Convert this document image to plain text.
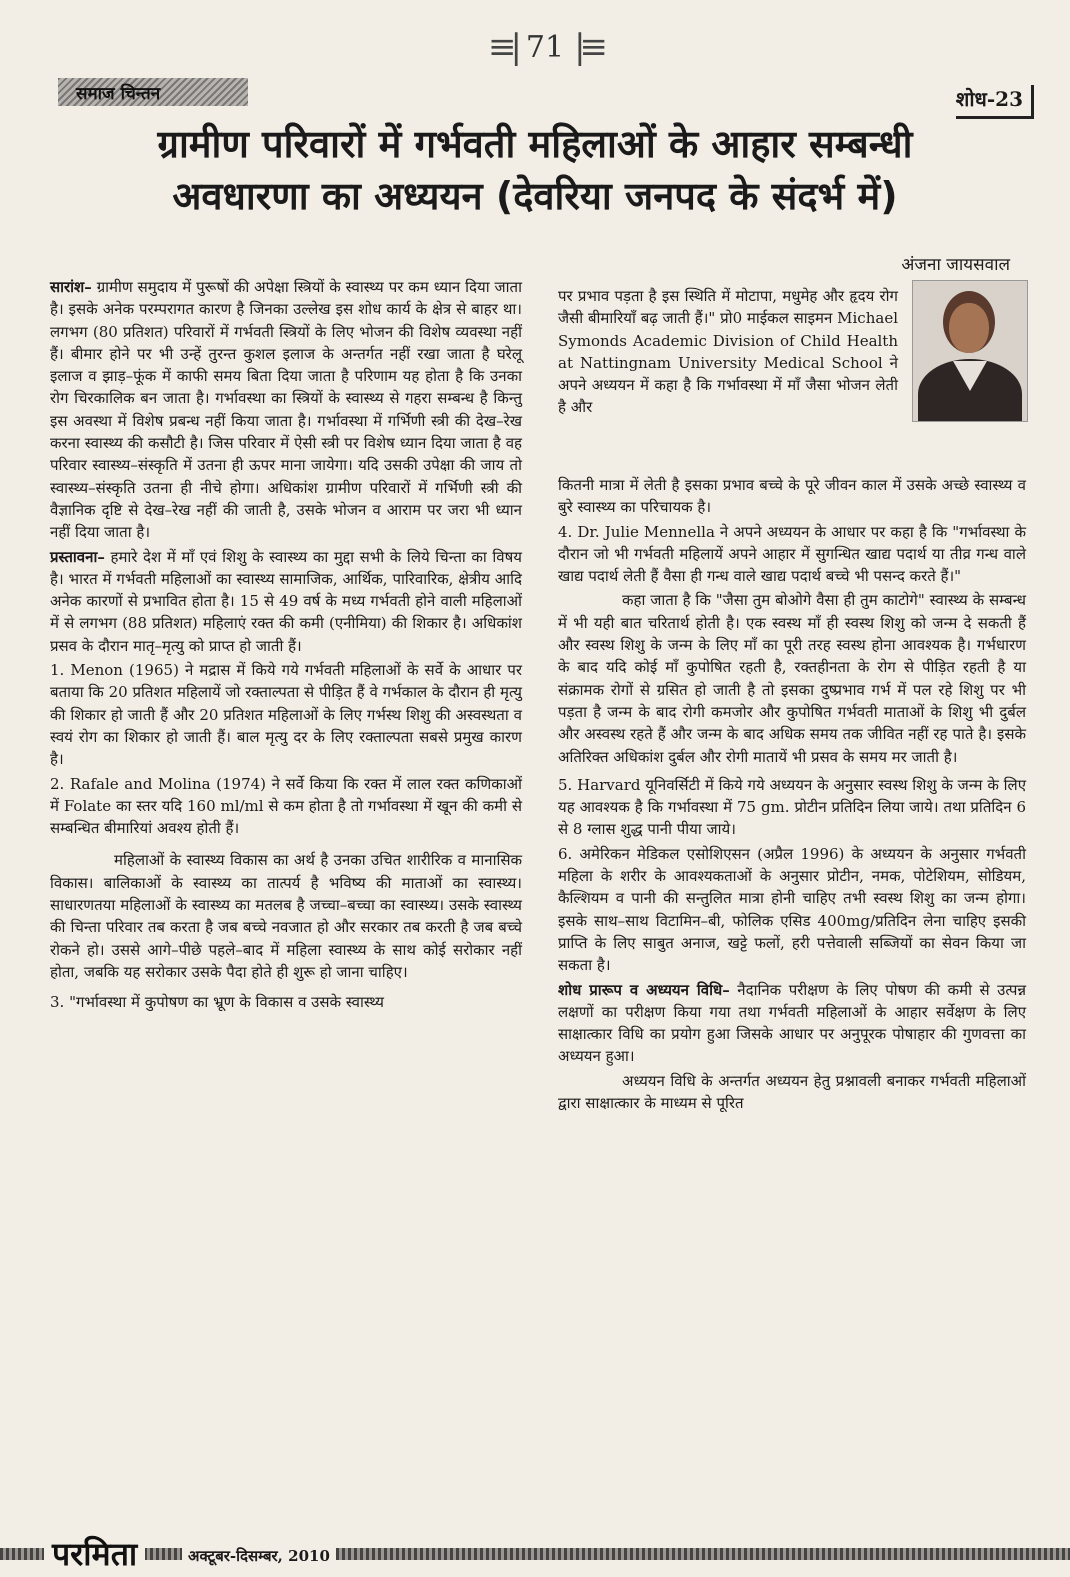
≡| 71 |≡
समाज चिन्तन	शोध-23
ग्रामीण परिवारों में गर्भवती महिलाओं के आहार सम्बन्धी
अवधारणा का अध्ययन (देवरिया जनपद के संदर्भ में)
अंजना जायसवाल

सारांश– ग्रामीण समुदाय में पुरूषों की अपेक्षा स्त्रियों के स्वास्थ्य पर कम ध्यान दिया जाता है। इसके अनेक परम्परागत कारण है जिनका उल्लेख इस शोध कार्य के क्षेत्र से बाहर था। लगभग (80 प्रतिशत) परिवारों में गर्भवती स्त्रियों के लिए भोजन की विशेष व्यवस्था नहीं हैं। बीमार होने पर भी उन्हें तुरन्त कुशल इलाज के अन्तर्गत नहीं रखा जाता है घरेलू इलाज व झाड़–फूंक में काफी समय बिता दिया जाता है परिणाम यह होता है कि उनका रोग चिरकालिक बन जाता है। गर्भावस्था का स्त्रियों के स्वास्थ्य से गहरा सम्बन्ध है किन्तु इस अवस्था में विशेष प्रबन्ध नहीं किया जाता है। गर्भावस्था में गर्भिणी स्त्री की देख–रेख करना स्वास्थ्य की कसौटी है। जिस परिवार में ऐसी स्त्री पर विशेष ध्यान दिया जाता है वह परिवार स्वास्थ्य–संस्कृति में उतना ही ऊपर माना जायेगा। यदि उसकी उपेक्षा की जाय तो स्वास्थ्य–संस्कृति उतना ही नीचे होगा। अधिकांश ग्रामीण परिवारों में गर्भिणी स्त्री की वैज्ञानिक दृष्टि से देख–रेख नहीं की जाती है, उसके भोजन व आराम पर जरा भी ध्यान नहीं दिया जाता है।

प्रस्तावना– हमारे देश में माँ एवं शिशु के स्वास्थ्य का मुद्दा सभी के लिये चिन्ता का विषय है। भारत में गर्भवती महिलाओं का स्वास्थ्य सामाजिक, आर्थिक, पारिवारिक, क्षेत्रीय आदि अनेक कारणों से प्रभावित होता है। 15 से 49 वर्ष के मध्य गर्भवती होने वाली महिलाओं में से लगभग (88 प्रतिशत) महिलाएं रक्त की कमी (एनीमिया) की शिकार है। अधिकांश प्रसव के दौरान मातृ–मृत्यु को प्राप्त हो जाती हैं।

1. Menon (1965) ने मद्रास में किये गये गर्भवती महिलाओं के सर्वे के आधार पर बताया कि 20 प्रतिशत महिलायें जो रक्ताल्पता से पीड़ित हैं वे गर्भकाल के दौरान ही मृत्यु की शिकार हो जाती हैं और 20 प्रतिशत महिलाओं के लिए गर्भस्थ शिशु की अस्वस्थता व स्वयं रोग का शिकार हो जाती हैं। बाल मृत्यु दर के लिए रक्ताल्पता सबसे प्रमुख कारण है।

2. Rafale and Molina (1974) ने सर्वे किया कि रक्त में लाल रक्त कणिकाओं में Folate का स्तर यदि 160 ml/ml से कम होता है तो गर्भावस्था में खून की कमी से सम्बन्धित बीमारियां अवश्य होती हैं।

महिलाओं के स्वास्थ्य विकास का अर्थ है उनका उचित शारीरिक व मानासिक विकास। बालिकाओं के स्वास्थ्य का तात्पर्य है भविष्य की माताओं का स्वास्थ्य। साधारणतया महिलाओं के स्वास्थ्य का मतलब है जच्चा–बच्चा का स्वास्थ्य। उसके स्वास्थ्य की चिन्ता परिवार तब करता है जब बच्चे नवजात हो और सरकार तब करती है जब बच्चे रोकने हो। उससे आगे–पीछे पहले–बाद में महिला स्वास्थ्य के साथ कोई सरोकार नहीं होता, जबकि यह सरोकार उसके पैदा होते ही शुरू हो जाना चाहिए।

3. "गर्भावस्था में कुपोषण का भ्रूण के विकास व उसके स्वास्थ्य

पर प्रभाव पड़ता है इस स्थिति में मोटापा, मधुमेह और हृदय रोग जैसी बीमारियाँ बढ़ जाती हैं।" प्रो0 माईकल साइमन Michael Symonds Academic Division of Child Health at Nattingnam University Medical School ने अपने अध्ययन में कहा है कि गर्भावस्था में माँ जैसा भोजन लेती है और

कितनी मात्रा में लेती है इसका प्रभाव बच्चे के पूरे जीवन काल में उसके अच्छे स्वास्थ्य व बुरे स्वास्थ्य का परिचायक है।

4. Dr. Julie Mennella ने अपने अध्ययन के आधार पर कहा है कि "गर्भावस्था के दौरान जो भी गर्भवती महिलायें अपने आहार में सुगन्धित खाद्य पदार्थ या तीव्र गन्ध वाले खाद्य पदार्थ लेती हैं वैसा ही गन्ध वाले खाद्य पदार्थ बच्चे भी पसन्द करते हैं।"

कहा जाता है कि "जैसा तुम बोओगे वैसा ही तुम काटोगे" स्वास्थ्य के सम्बन्ध में भी यही बात चरितार्थ होती है। एक स्वस्थ माँ ही स्वस्थ शिशु को जन्म दे सकती हैं और स्वस्थ शिशु के जन्म के लिए माँ का पूरी तरह स्वस्थ होना आवश्यक है। गर्भधारण के बाद यदि कोई माँ कुपोषित रहती है, रक्तहीनता के रोग से पीड़ित रहती है या संक्रामक रोगों से ग्रसित हो जाती है तो इसका दुष्प्रभाव गर्भ में पल रहे शिशु पर भी पड़ता है जन्म के बाद रोगी कमजोर और कुपोषित गर्भवती माताओं के शिशु भी दुर्बल और अस्वस्थ रहते हैं और जन्म के बाद अधिक समय तक जीवित नहीं रह पाते है। इसके अतिरिक्त अधिकांश दुर्बल और रोगी मातायें भी प्रसव के समय मर जाती है।

5. Harvard यूनिवर्सिटी में किये गये अध्ययन के अनुसार स्वस्थ शिशु के जन्म के लिए यह आवश्यक है कि गर्भावस्था में 75 gm. प्रोटीन प्रतिदिन लिया जाये। तथा प्रतिदिन 6 से 8 ग्लास शुद्ध पानी पीया जाये।

6. अमेरिकन मेडिकल एसोशिएसन (अप्रैल 1996) के अध्ययन के अनुसार गर्भवती महिला के शरीर के आवश्यकताओं के अनुसार प्रोटीन, नमक, पोटेशियम, सोडियम, कैल्शियम व पानी की सन्तुलित मात्रा होनी चाहिए तभी स्वस्थ शिशु का जन्म होगा। इसके साथ–साथ विटामिन–बी, फोलिक एसिड 400mg/प्रतिदिन लेना चाहिए इसकी प्राप्ति के लिए साबुत अनाज, खट्टे फलों, हरी पत्तेवाली सब्जियों का सेवन किया जा सकता है।

शोध प्रारूप व अध्ययन विधि– नैदानिक परीक्षण के लिए पोषण की कमी से उत्पन्न लक्षणों का परीक्षण किया गया तथा गर्भवती महिलाओं के आहार सर्वेक्षण के लिए साक्षात्कार विधि का प्रयोग हुआ जिसके आधार पर अनुपूरक पोषाहार की गुणवत्ता का अध्ययन हुआ।

अध्ययन विधि के अन्तर्गत अध्ययन हेतु प्रश्नावली बनाकर गर्भवती महिलाओं द्वारा साक्षात्कार के माध्यम से पूरित

परमिता	अक्टूबर-दिसम्बर, 2010
